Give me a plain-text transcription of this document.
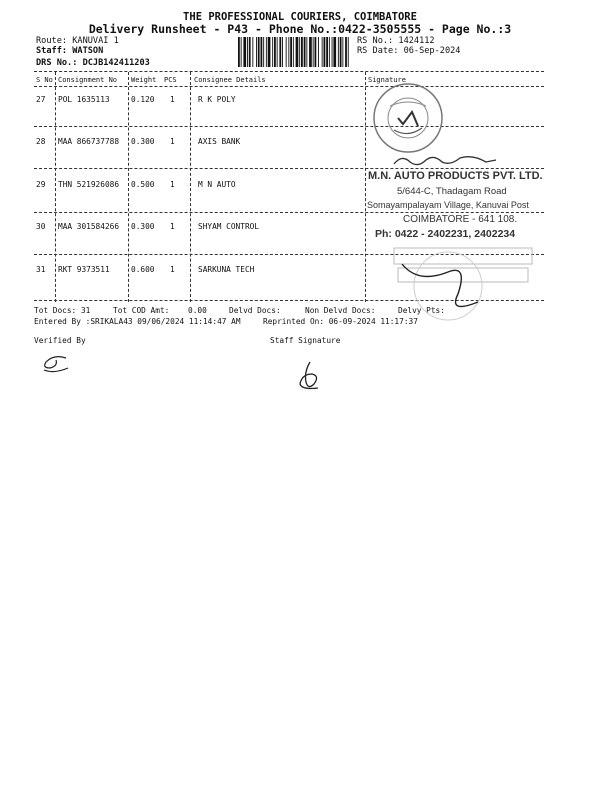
THE PROFESSIONAL COURIERS, COIMBATORE
Delivery Runsheet - P43 - Phone No.:0422-3505555 - Page No.:3
Route: KANUVAI 1
Staff: WATSON
DRS No.: DCJB142411203
RS No.: 1424112
RS Date: 06-Sep-2024
S No Consignment No Weight PCS Consignee Details	Signature
27 POL 1635113	0.120 1	R K POLY
28 MAA 866737788 0.300 1	AXIS BANK
29 THN 521926086 0.500 1	M N AUTO
30 MAA 301584266 0.300 1	SHYAM CONTROL
31 RKT 9373511	0.600 1	SARKUNA TECH
Tot Docs: 31	Tot COD Amt: 0.00	Delvd Docs:	Non Delvd Docs:	Delvy Pts:
Entered By :SRIKALA43 09/06/2024 11:14:47 AM	Reprinted On: 06-09-2024 11:17:37
Verified By	Staff Signature
M.N. AUTO PRODUCTS PVT. LTD.
5/644-C, Thadagam Road
Somayampalayam Village, Kanuvai Post
COIMBATORE - 641 108.
Ph: 0422 - 2402231, 2402234
